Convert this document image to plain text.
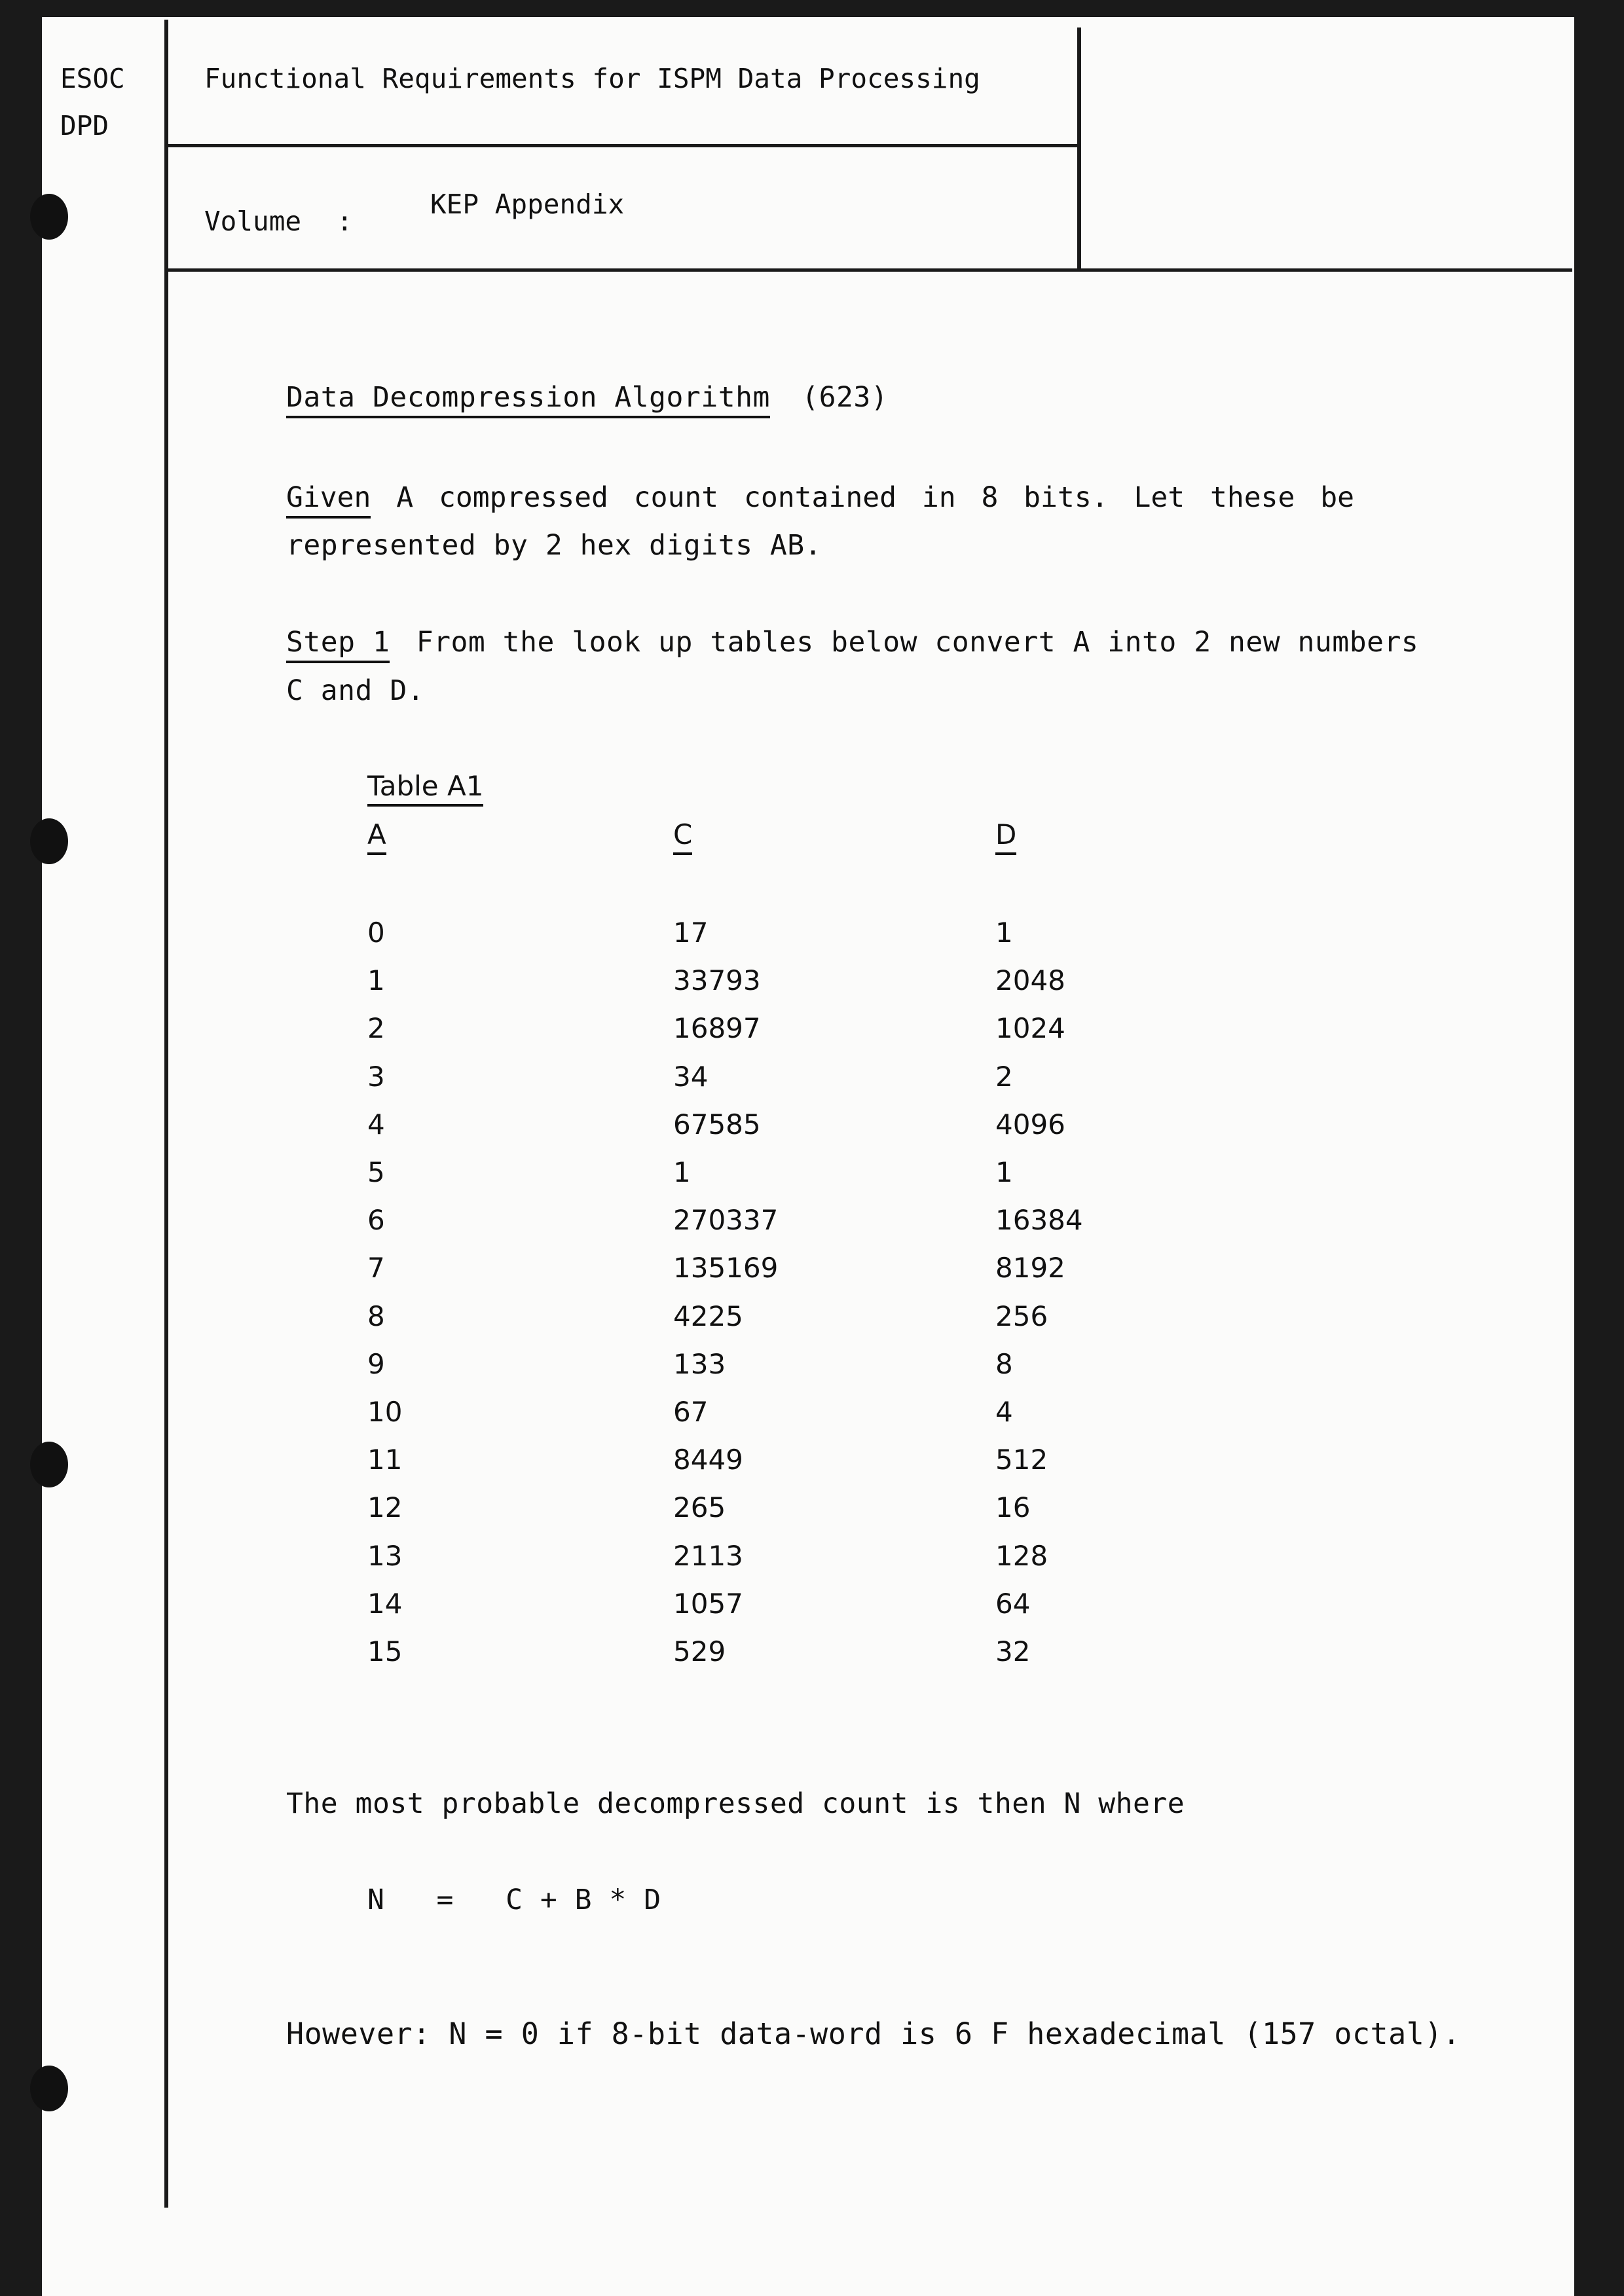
ESOC
DPD
Functional Requirements for ISPM Data Processing
Volume :
KEP Appendix
Data Decompression Algorithm (623)
Given A compressed count contained in 8 bits. Let these be
represented by 2 hex digits AB.
Step 1 From the look up tables below convert A into 2 new numbers
C and D.
Table A1
A	C	D
0	17	1
1	33793	2048
2	16897	1024
3	34	2
4	67585	4096
5	1	1
6	270337	16384
7	135169	8192
8	4225	256
9	133	8
10	67	4
11	8449	512
12	265	16
13	2113	128
14	1057	64
15	529	32
The most probable decompressed count is then N where
N   =   C + B * D
However: N = 0 if 8-bit data-word is 6 F hexadecimal (157 octal).
